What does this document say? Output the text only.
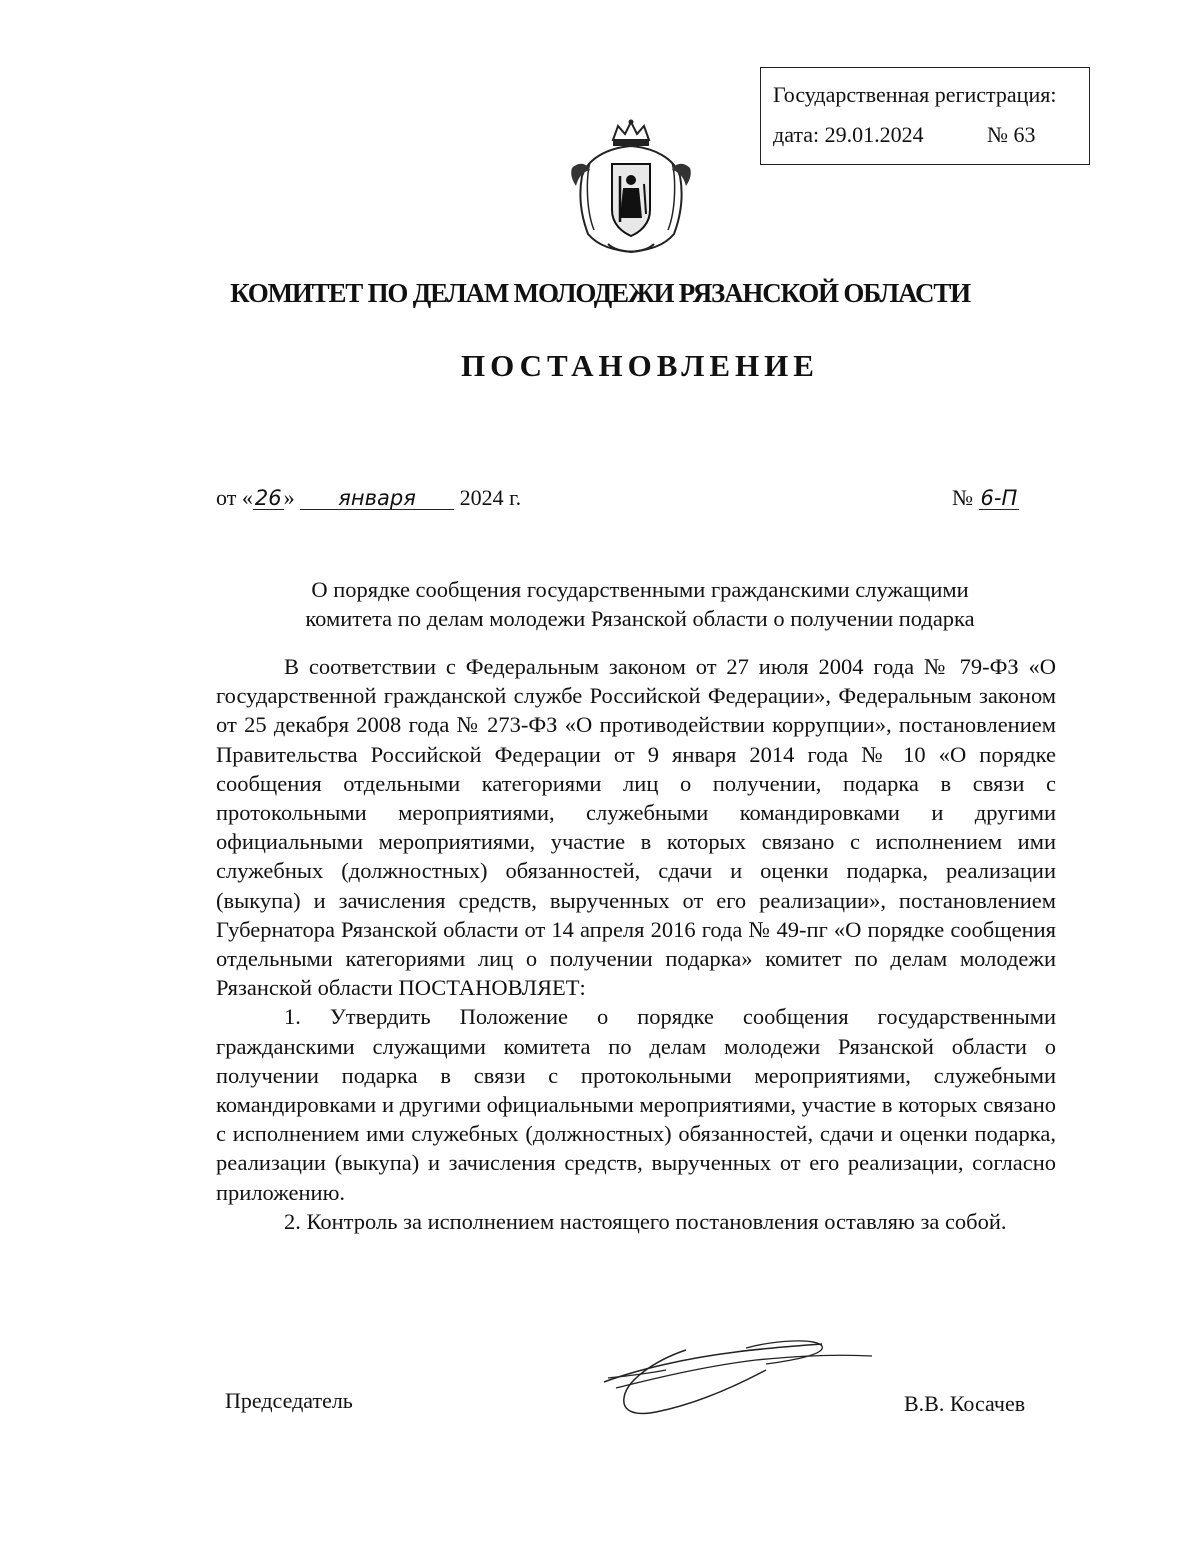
Государственная регистрация:
дата: 29.01.2024	№ 63
КОМИТЕТ ПО ДЕЛАМ МОЛОДЕЖИ РЯЗАНСКОЙ ОБЛАСТИ
ПОСТАНОВЛЕНИЕ
от «26» января 2024 г.	№ 6-П
О порядке сообщения государственными гражданскими служащими
комитета по делам молодежи Рязанской области о получении подарка

В соответствии с Федеральным законом от 27 июля 2004 года № 79-ФЗ «О государственной гражданской службе Российской Федерации», Федеральным законом от 25 декабря 2008 года № 273-ФЗ «О противодействии коррупции», постановлением Правительства Российской Федерации от 9 января 2014 года № 10 «О порядке сообщения отдельными категориями лиц о получении, подарка в связи с протокольными мероприятиями, служебными командировками и другими официальными мероприятиями, участие в которых связано с исполнением ими служебных (должностных) обязанностей, сдачи и оценки подарка, реализации (выкупа) и зачисления средств, вырученных от его реализации», постановлением Губернатора Рязанской области от 14 апреля 2016 года № 49-пг «О порядке сообщения отдельными категориями лиц о получении подарка» комитет по делам молодежи Рязанской области ПОСТАНОВЛЯЕТ:

1. Утвердить Положение о порядке сообщения государственными гражданскими служащими комитета по делам молодежи Рязанской области о получении подарка в связи с протокольными мероприятиями, служебными командировками и другими официальными мероприятиями, участие в которых связано с исполнением ими служебных (должностных) обязанностей, сдачи и оценки подарка, реализации (выкупа) и зачисления средств, вырученных от его реализации, согласно приложению.

2. Контроль за исполнением настоящего постановления оставляю за собой.

Председатель	В.В. Косачев
